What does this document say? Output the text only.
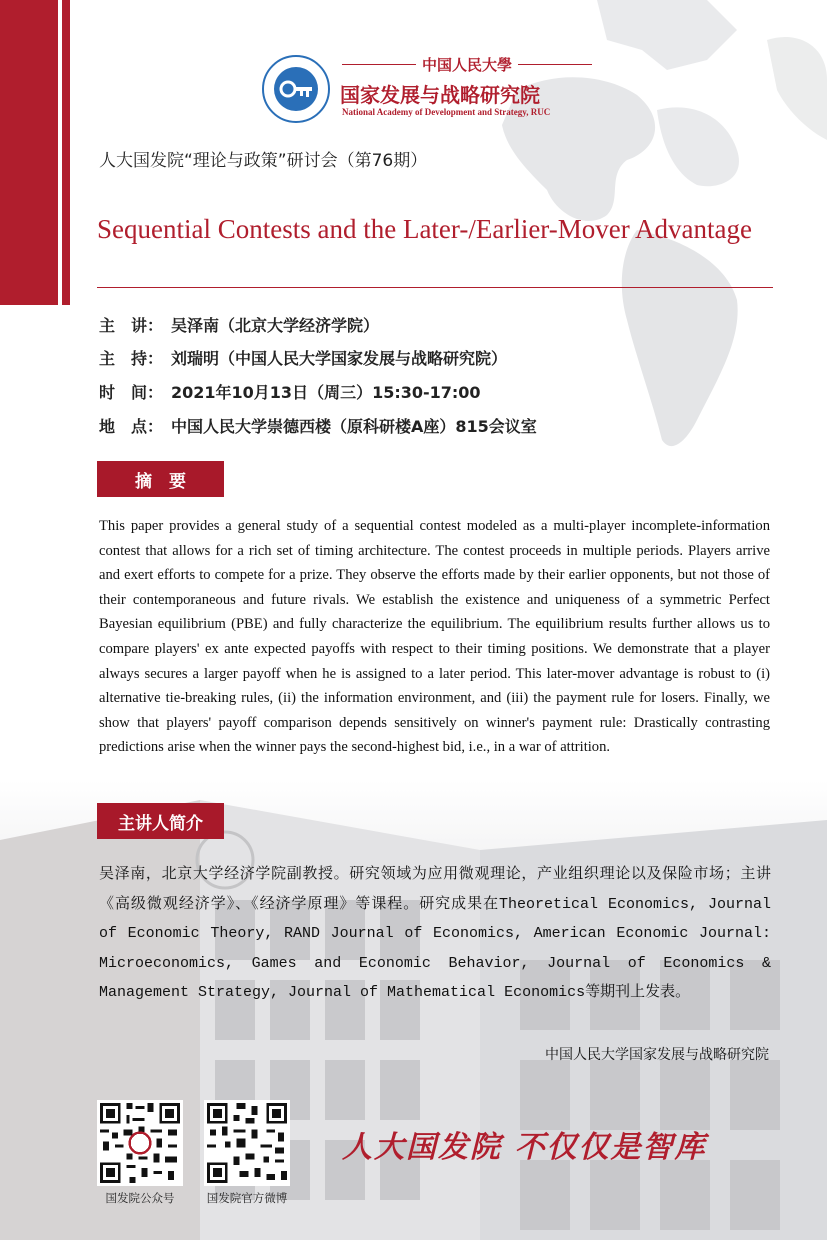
中国人民大學
国家发展与战略研究院
National Academy of Development and Strategy, RUC
人大国发院“理论与政策”研讨会（第76期）
Sequential Contests and the Later-/Earlier-Mover Advantage
主　讲： 吴泽南（北京大学经济学院）
主　持： 刘瑞明（中国人民大学国家发展与战略研究院）
时　间： 2021年10月13日（周三）15:30-17:00
地　点： 中国人民大学崇德西楼（原科研楼A座）815会议室
摘　要
This paper provides a general study of a sequential contest modeled as a multi-player incomplete-information contest that allows for a rich set of timing architecture. The contest proceeds in multiple periods. Players arrive and exert efforts to compete for a prize. They observe the efforts made by their earlier opponents, but not those of their contemporaneous and future rivals. We establish the existence and uniqueness of a symmetric Perfect Bayesian equilibrium (PBE) and fully characterize the equilibrium. The equilibrium results further allows us to compare players' ex ante expected payoffs with respect to their timing positions. We demonstrate that a player always secures a larger payoff when he is assigned to a later period. This later-mover advantage is robust to (i) alternative tie-breaking rules, (ii) the information environment, and (iii) the payment rule for losers. Finally, we show that players' payoff comparison depends sensitively on winner's payment rule: Drastically contrasting predictions arise when the winner pays the second-highest bid, i.e., in a war of attrition.
主讲人简介
吴泽南，北京大学经济学院副教授。研究领域为应用微观理论，产业组织理论以及保险市场；主讲《高级微观经济学》、《经济学原理》等课程。研究成果在Theoretical Economics, Journal of Economic Theory, RAND Journal of Economics, American Economic Journal: Microeconomics, Games and Economic Behavior, Journal of Economics & Management Strategy, Journal of Mathematical Economics等期刊上发表。
中国人民大学国家发展与战略研究院
国发院公众号	国发院官方微博
人大国发院 不仅仅是智库
